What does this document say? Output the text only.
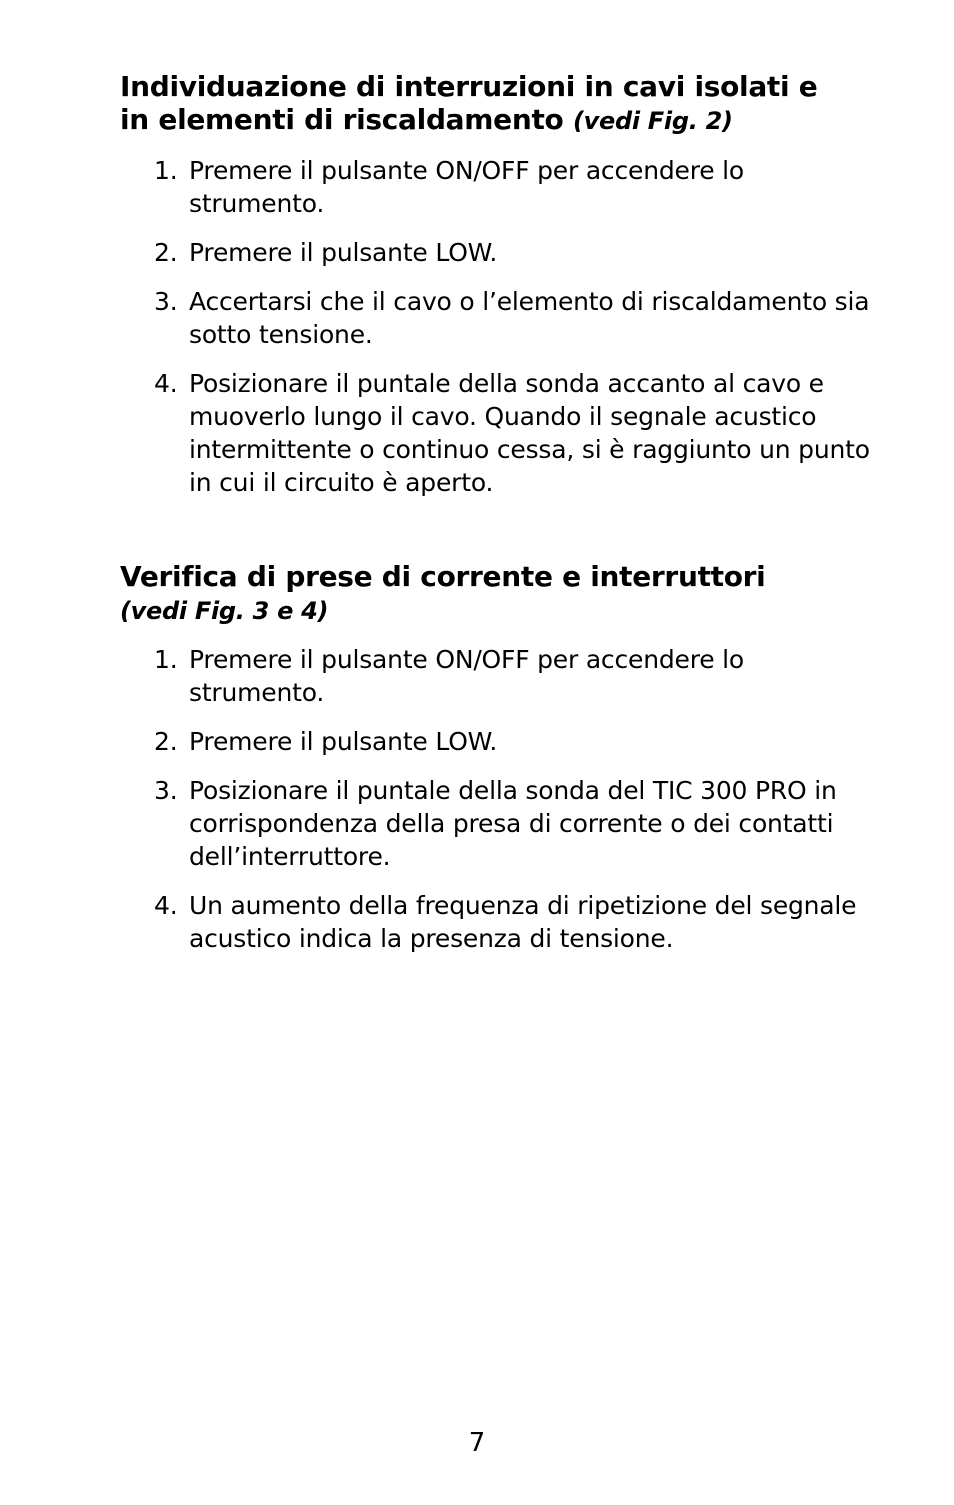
Individuazione di interruzioni in cavi isolati e in elementi di riscaldamento (vedi Fig. 2)
1. Premere il pulsante ON/OFF per accendere lo strumento.
2. Premere il pulsante LOW.
3. Accertarsi che il cavo o l’elemento di riscaldamento sia sotto tensione.
4. Posizionare il puntale della sonda accanto al cavo e muoverlo lungo il cavo. Quando il segnale acustico intermittente o continuo cessa, si è raggiunto un punto in cui il circuito è aperto.
Verifica di prese di corrente e interruttori (vedi Fig. 3 e 4)
1. Premere il pulsante ON/OFF per accendere lo strumento.
2. Premere il pulsante LOW.
3. Posizionare il puntale della sonda del TIC 300 PRO in corrispondenza della presa di corrente o dei contatti dell’interruttore.
4. Un aumento della frequenza di ripetizione del segnale acustico indica la presenza di tensione.

7
